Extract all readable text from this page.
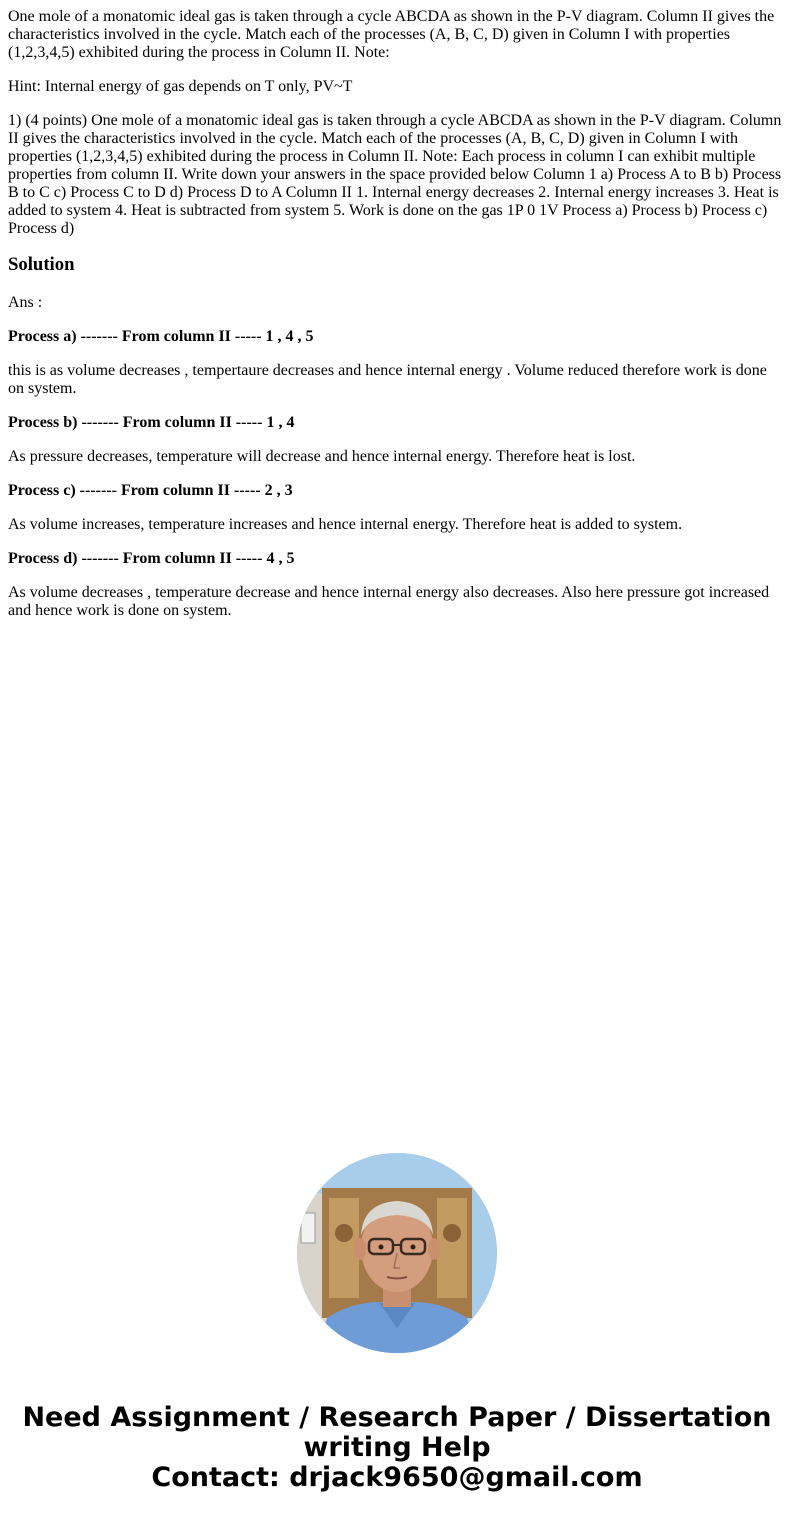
One mole of a monatomic ideal gas is taken through a cycle ABCDA as shown in the P-V diagram. Column II gives the characteristics involved in the cycle. Match each of the processes (A, B, C, D) given in Column I with properties (1,2,3,4,5) exhibited during the process in Column II. Note:

Hint: Internal energy of gas depends on T only, PV~T

1) (4 points) One mole of a monatomic ideal gas is taken through a cycle ABCDA as shown in the P-V diagram. Column II gives the characteristics involved in the cycle. Match each of the processes (A, B, C, D) given in Column I with properties (1,2,3,4,5) exhibited during the process in Column II. Note: Each process in column I can exhibit multiple properties from column II. Write down your answers in the space provided below Column 1 a) Process A to B b) Process B to C c) Process C to D d) Process D to A Column II 1. Internal energy decreases 2. Internal energy increases 3. Heat is added to system 4. Heat is subtracted from system 5. Work is done on the gas 1P 0 1V Process a) Process b) Process c) Process d)

Solution

Ans :

Process a) ------- From column II ----- 1 , 4 , 5

this is as volume decreases , tempertaure decreases and hence internal energy . Volume reduced therefore work is done on system.

Process b) ------- From column II ----- 1 , 4

As pressure decreases, temperature will decrease and hence internal energy. Therefore heat is lost.

Process c) ------- From column II ----- 2 , 3

As volume increases, temperature increases and hence internal energy. Therefore heat is added to system.

Process d) ------- From column II ----- 4 , 5

As volume decreases , temperature decrease and hence internal energy also decreases. Also here pressure got increased and hence work is done on system.

Need Assignment / Research Paper / Dissertation
writing Help
Contact: drjack9650@gmail.com
